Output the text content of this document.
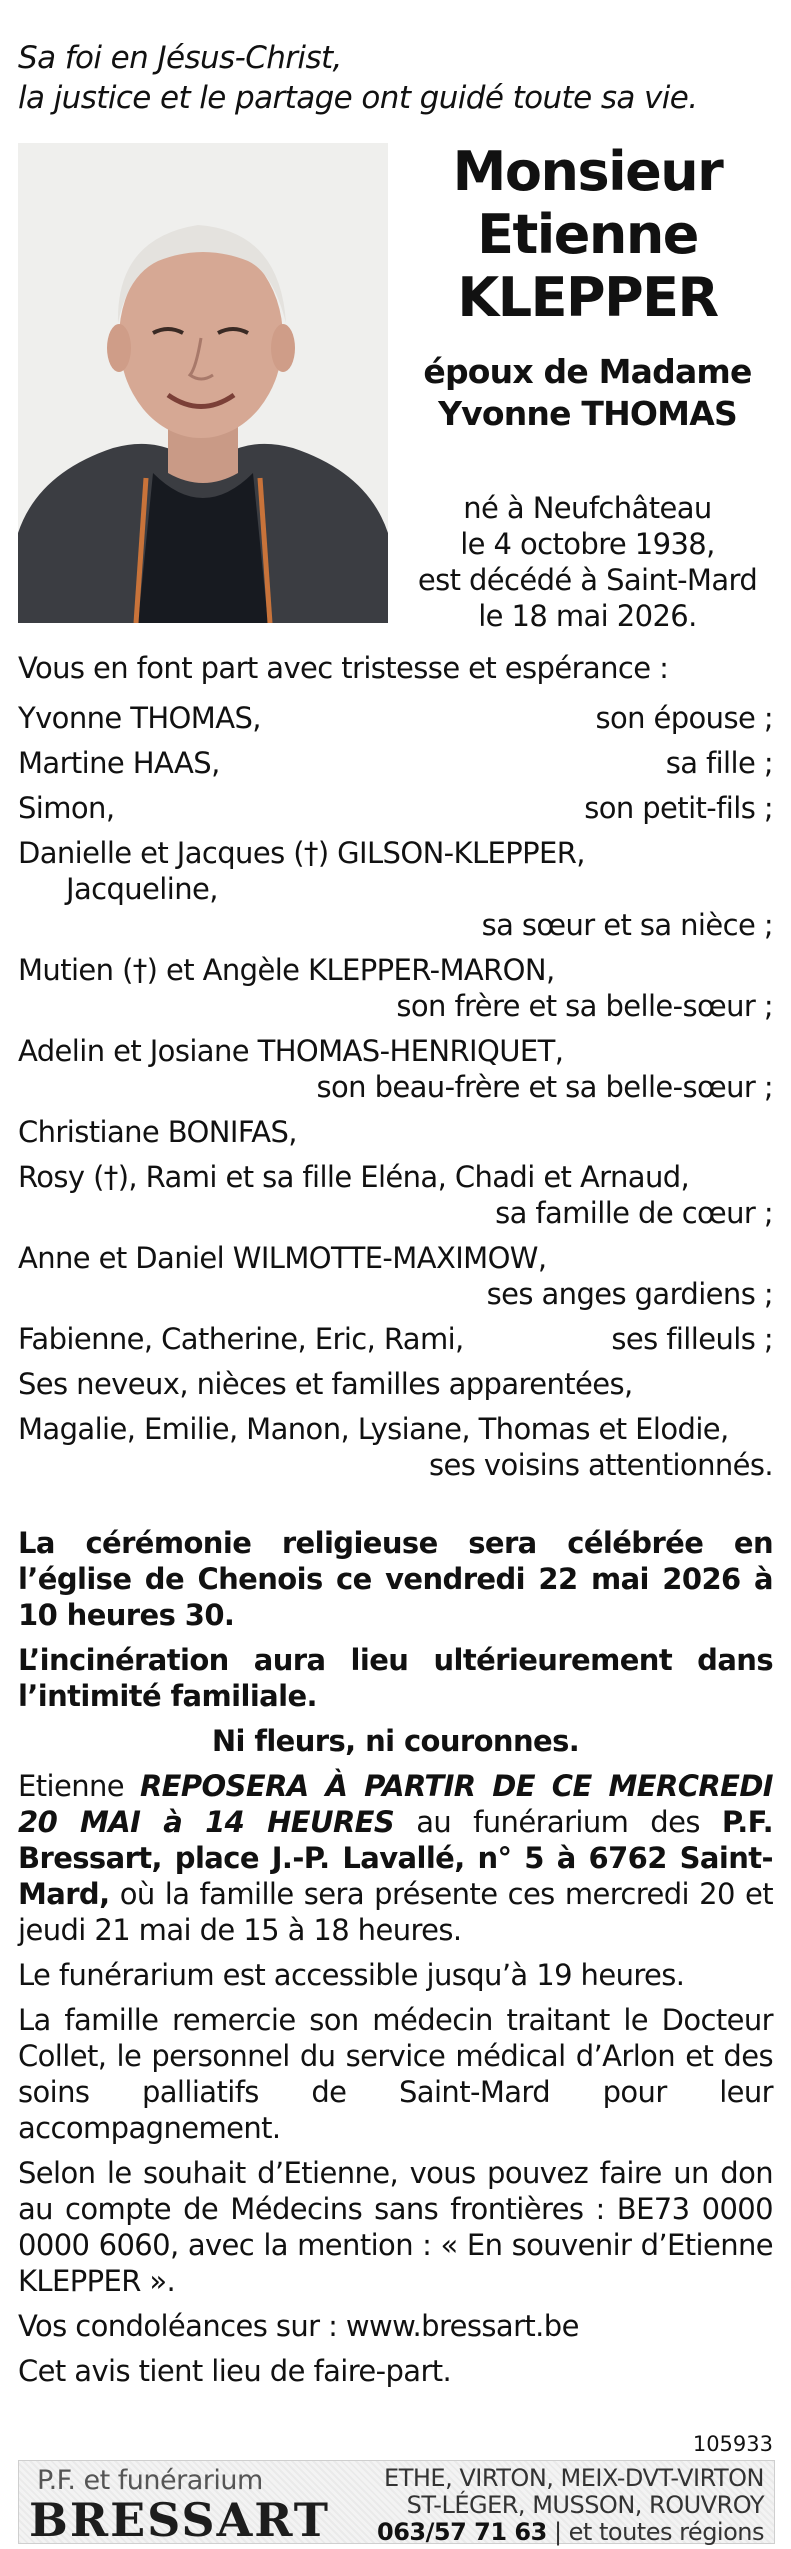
Sa foi en Jésus-Christ,
la justice et le partage ont guidé toute sa vie.
Monsieur
Etienne
KLEPPER
époux de Madame
Yvonne THOMAS
né à Neufchâteau
le 4 octobre 1938,
est décédé à Saint-Mard
le 18 mai 2026.
Vous en font part avec tristesse et espérance :
Yvonne THOMAS,	son épouse ;
Martine HAAS,	sa fille ;
Simon,	son petit-fils ;
Danielle et Jacques (†) GILSON-KLEPPER,
Jacqueline,
sa sœur et sa nièce ;
Mutien (†) et Angèle KLEPPER-MARON,
son frère et sa belle-sœur ;
Adelin et Josiane THOMAS-HENRIQUET,
son beau-frère et sa belle-sœur ;
Christiane BONIFAS,
Rosy (†), Rami et sa fille Eléna, Chadi et Arnaud,
sa famille de cœur ;
Anne et Daniel WILMOTTE-MAXIMOW,
ses anges gardiens ;
Fabienne, Catherine, Eric, Rami,	ses filleuls ;
Ses neveux, nièces et familles apparentées,
Magalie, Emilie, Manon, Lysiane, Thomas et Elodie,
ses voisins attentionnés.

La cérémonie religieuse sera célébrée en l’église de Chenois ce vendredi 22 mai 2026 à 10 heures 30.

L’incinération aura lieu ultérieurement dans l’intimité familiale.

Ni fleurs, ni couronnes.

Etienne REPOSERA À PARTIR DE CE MERCREDI 20 MAI à 14 HEURES au funérarium des P.F. Bressart, place J.-P. Lavallé, n° 5 à 6762 Saint-Mard, où la famille sera présente ces mercredi 20 et jeudi 21 mai de 15 à 18 heures.

Le funérarium est accessible jusqu’à 19 heures.

La famille remercie son médecin traitant le Docteur Collet, le personnel du service médical d’Arlon et des soins palliatifs de Saint-Mard pour leur accompagnement.

Selon le souhait d’Etienne, vous pouvez faire un don au compte de Médecins sans frontières : BE73 0000 0000 6060, avec la mention : « En souvenir d’Etienne KLEPPER ».

Vos condoléances sur : www.bressart.be

Cet avis tient lieu de faire-part.

105933
P.F. et funérarium
BRESSART
ETHE, VIRTON, MEIX-DVT-VIRTON
ST-LÉGER, MUSSON, ROUVROY
063/57 71 63 | et toutes régions
